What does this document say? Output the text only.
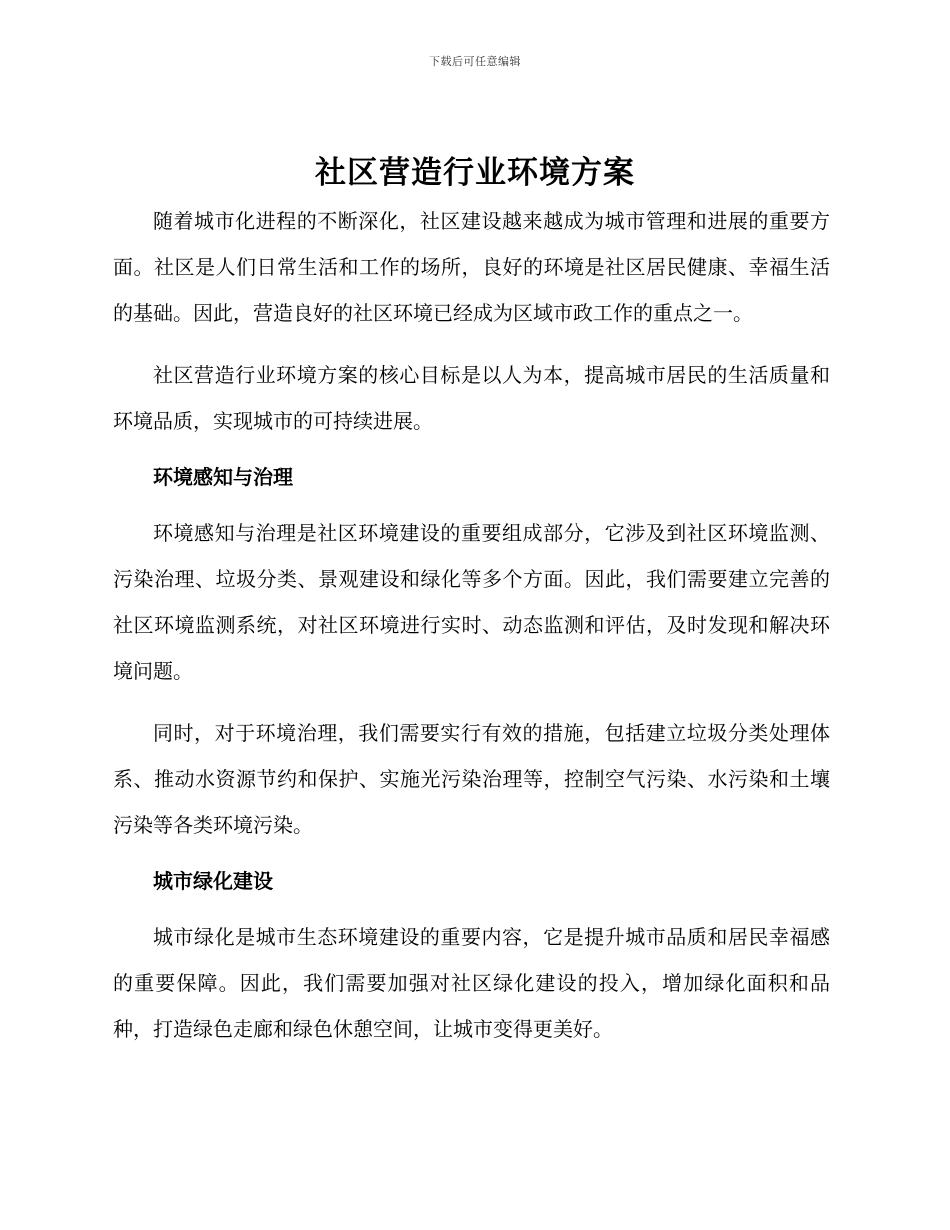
下载后可任意编辑
社区营造行业环境方案

随着城市化进程的不断深化，社区建设越来越成为城市管理和进展的重要方面。社区是人们日常生活和工作的场所，良好的环境是社区居民健康、幸福生活的基础。因此，营造良好的社区环境已经成为区域市政工作的重点之一。

社区营造行业环境方案的核心目标是以人为本，提高城市居民的生活质量和环境品质，实现城市的可持续进展。

环境感知与治理

环境感知与治理是社区环境建设的重要组成部分，它涉及到社区环境监测、污染治理、垃圾分类、景观建设和绿化等多个方面。因此，我们需要建立完善的社区环境监测系统，对社区环境进行实时、动态监测和评估，及时发现和解决环境问题。

同时，对于环境治理，我们需要实行有效的措施，包括建立垃圾分类处理体系、推动水资源节约和保护、实施光污染治理等，控制空气污染、水污染和土壤污染等各类环境污染。

城市绿化建设

城市绿化是城市生态环境建设的重要内容，它是提升城市品质和居民幸福感的重要保障。因此，我们需要加强对社区绿化建设的投入，增加绿化面积和品种，打造绿色走廊和绿色休憩空间，让城市变得更美好。
